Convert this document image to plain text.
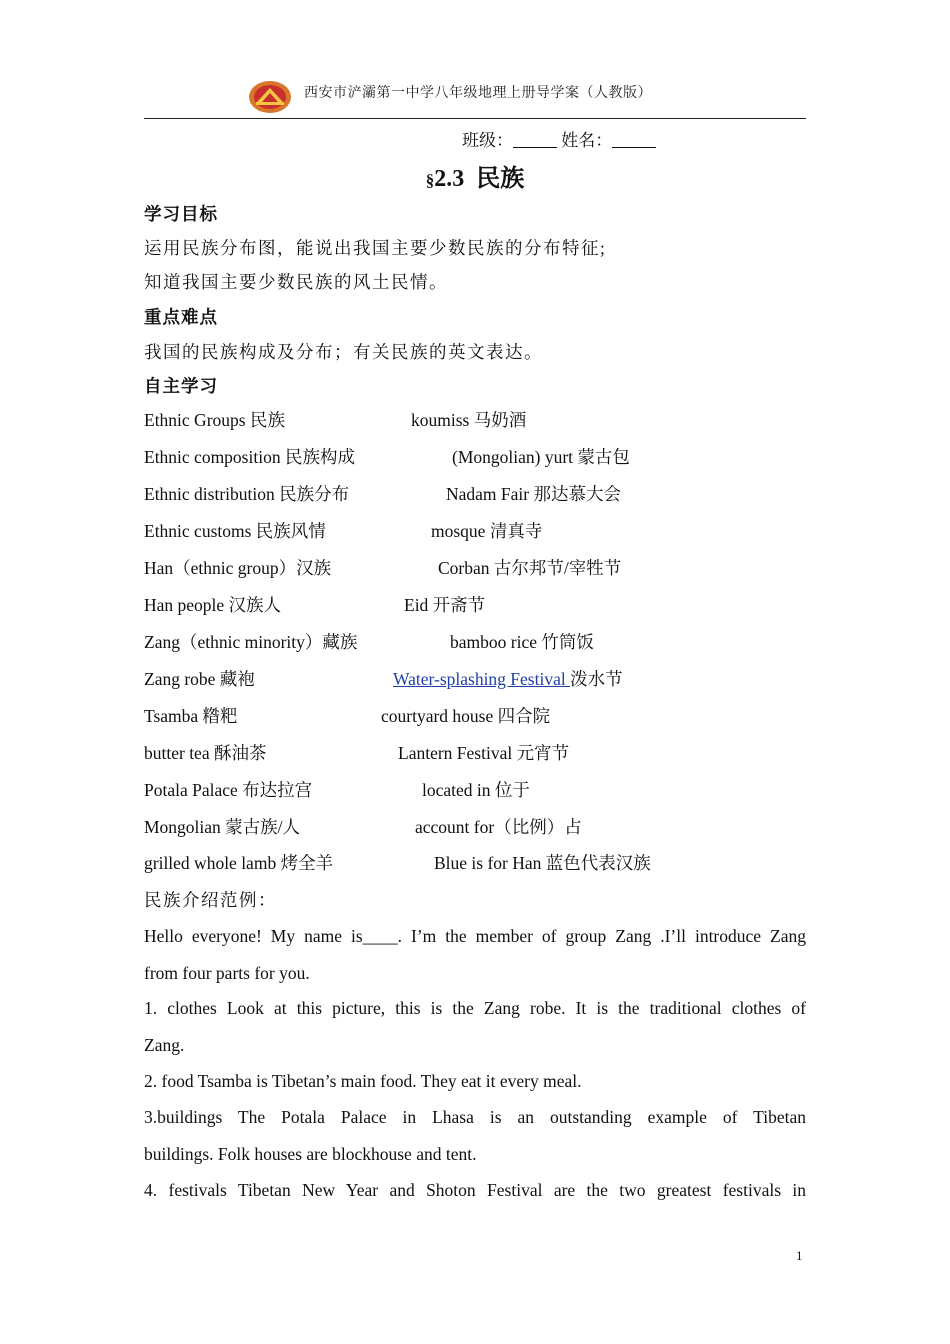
西安市浐灞第一中学八年级地理上册导学案（人教版）
班级：	姓名：
§2.3 民族
学习目标
运用民族分布图，能说出我国主要少数民族的分布特征;
知道我国主要少数民族的风土民情。
重点难点
我国的民族构成及分布；有关民族的英文表达。
自主学习
Ethnic Groups 民族	koumiss 马奶酒
Ethnic composition 民族构成	(Mongolian) yurt 蒙古包
Ethnic distribution 民族分布	Nadam Fair 那达慕大会
Ethnic customs 民族风情	mosque 清真寺
Han（ethnic group）汉族	Corban 古尔邦节/宰牲节
Han people 汉族人	Eid 开斋节
Zang（ethnic minority）藏族	bamboo rice 竹筒饭
Zang robe 藏袍	Water-splashing Festival 泼水节
Tsamba 糌粑	courtyard house 四合院
butter tea 酥油茶	Lantern Festival 元宵节
Potala Palace 布达拉宫	located in 位于
Mongolian 蒙古族/人	account for（比例）占
grilled whole lamb 烤全羊	Blue is for Han 蓝色代表汉族
民族介绍范例：
Hello everyone! My name is____. I’m the member of group Zang .I’ll introduce Zang
from four parts for you.
1. clothes Look at this picture, this is the Zang robe. It is the traditional clothes of
Zang.
2. food Tsamba is Tibetan’s main food. They eat it every meal.
3.buildings The Potala Palace in Lhasa is an outstanding example of Tibetan
buildings. Folk houses are blockhouse and tent.
4. festivals Tibetan New Year and Shoton Festival are the two greatest festivals in
1
